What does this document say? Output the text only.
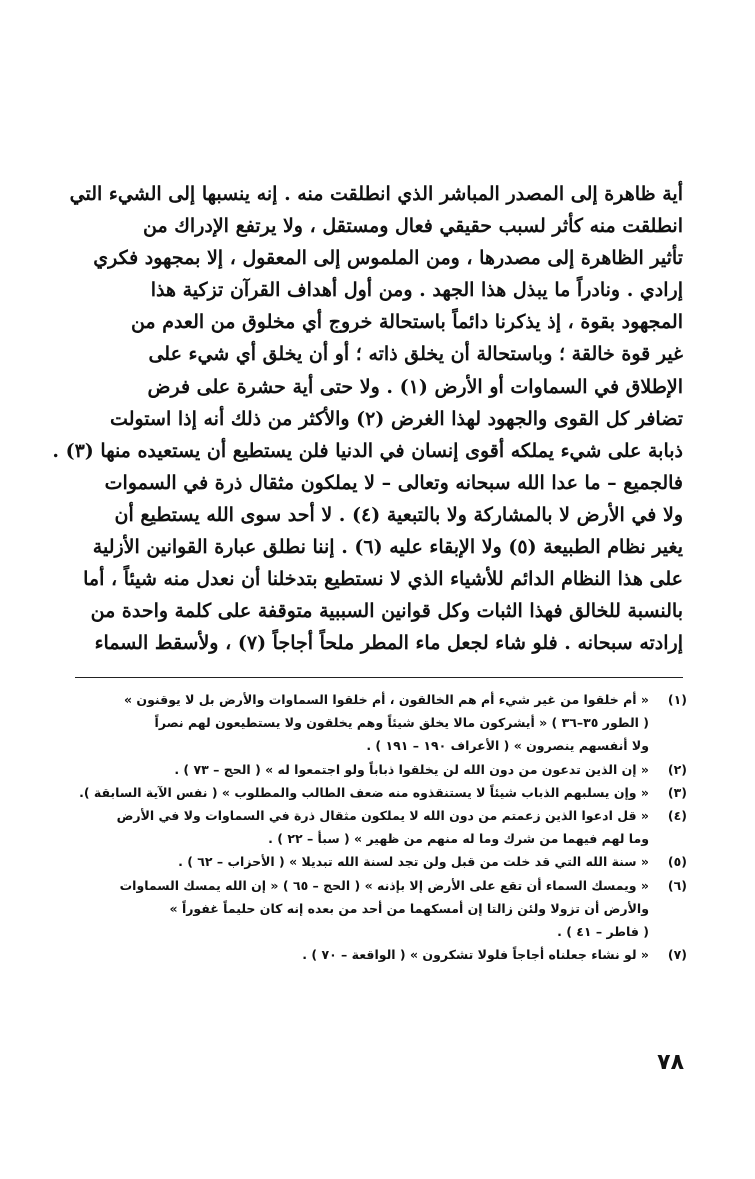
أية ظاهرة إلى المصدر المباشر الذي انطلقت منه . إنه ينسبها إلى الشيء التي
انطلقت منه كأثر لسبب حقيقي فعال ومستقل ، ولا يرتفع الإدراك من
تأثير الظاهرة إلى مصدرها ، ومن الملموس إلى المعقول ، إلا بمجهود فكري
إرادي . ونادراً ما يبذل هذا الجهد . ومن أول أهداف القرآن تزكية هذا
المجهود بقوة ، إذ يذكرنا دائماً باستحالة خروج أي مخلوق من العدم من
غير قوة خالقة ؛ وباستحالة أن يخلق ذاته ؛ أو أن يخلق أي شيء على
الإطلاق في السماوات أو الأرض (١) . ولا حتى أية حشرة على فرض
تضافر كل القوى والجهود لهذا الغرض (٢) والأكثر من ذلك أنه إذا استولت
ذبابة على شيء يملكه أقوى إنسان في الدنيا فلن يستطيع أن يستعيده منها (٣) .
فالجميع – ما عدا الله سبحانه وتعالى – لا يملكون مثقال ذرة في السموات
ولا في الأرض لا بالمشاركة ولا بالتبعية (٤) . لا أحد سوى الله يستطيع أن
يغير نظام الطبيعة (٥) ولا الإبقاء عليه (٦) . إننا نطلق عبارة القوانين الأزلية
على هذا النظام الدائم للأشياء الذي لا نستطيع بتدخلنا أن نعدل منه شيئاً ، أما
بالنسبة للخالق فهذا الثبات وكل قوانين السببية متوقفة على كلمة واحدة من
إرادته سبحانه . فلو شاء لجعل ماء المطر ملحاً أجاجاً (٧) ، ولأسقط السماء
(١)
« أم خلقوا من غير شيء أم هم الخالقون ، أم خلقوا السماوات والأرض بل لا يوقنون »
( الطور ٣٥–٣٦ ) « أيشركون مالا يخلق شيئاً وهم يخلقون ولا يستطيعون لهم نصراً
ولا أنفسهم ينصرون » ( الأعراف ١٩٠ – ١٩١ ) .
(٢)
« إن الذين تدعون من دون الله لن يخلقوا ذباباً ولو اجتمعوا له » ( الحج – ٧٣ ) .
(٣)
« وإن يسلبهم الذباب شيئاً لا يستنقذوه منه ضعف الطالب والمطلوب » ( نفس الآية السابقة ).
(٤)
« قل ادعوا الذين زعمتم من دون الله لا يملكون مثقال ذرة في السماوات ولا في الأرض
وما لهم فيهما من شرك وما له منهم من ظهير » ( سبأ – ٢٢ ) .
(٥)
« سنة الله التي قد خلت من قبل ولن تجد لسنة الله تبديلا » ( الأحزاب – ٦٢ ) .
(٦)
« ويمسك السماء أن تقع على الأرض إلا بإذنه » ( الحج – ٦٥ ) « إن الله يمسك السماوات
والأرض أن تزولا ولئن زالتا إن أمسكهما من أحد من بعده إنه كان حليماً غفوراً »
( فاطر – ٤١ ) .
(٧)
« لو نشاء جعلناه أجاجاً فلولا تشكرون » ( الواقعة – ٧٠ ) .
٧٨
